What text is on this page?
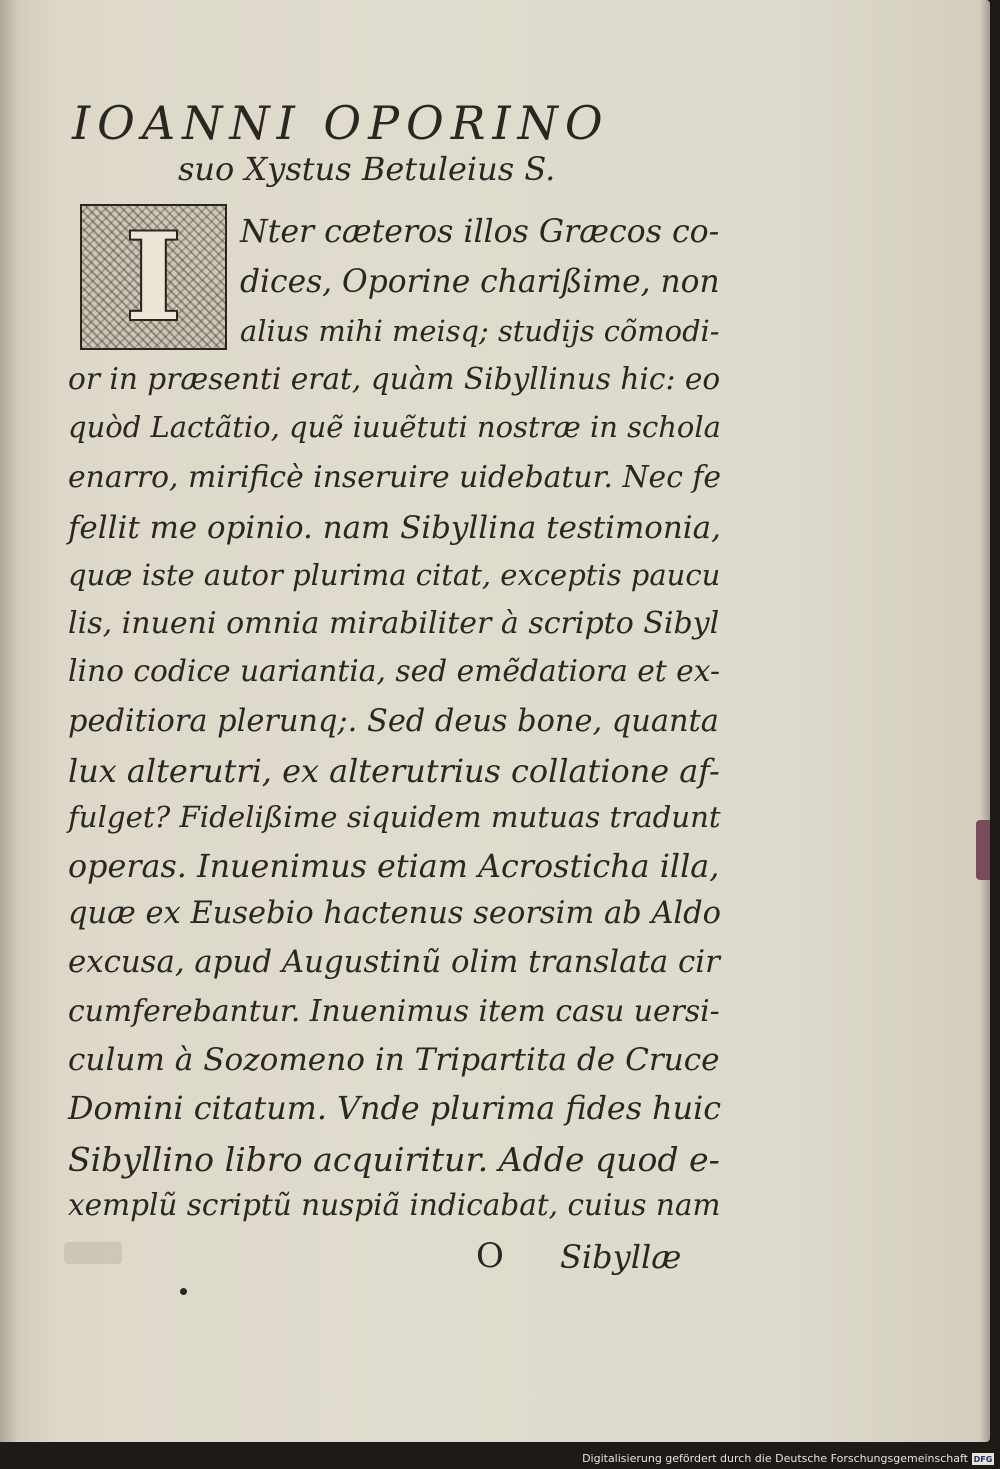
IOANNI OPORINO
suo Xystus Betuleius S.
I	Nter cæteros illos Græcos co-
dices, Oporine charißime, non
alius mihi meisq; studijs cõmodi-
or in præsenti erat, quàm Sibyllinus hic: eo
quòd Lactãtio, quẽ iuuẽtuti nostræ in schola
enarro, mirificè inseruire uidebatur. Nec fe
fellit me opinio. nam Sibyllina testimonia,
quæ iste autor plurima citat, exceptis paucu
lis, inueni omnia mirabiliter à scripto Sibyl
lino codice uariantia, sed emẽdatiora et ex-
peditiora plerunq;. Sed deus bone, quanta
lux alterutri, ex alterutrius collatione af-
fulget? Fidelißime siquidem mutuas tradunt
operas. Inuenimus etiam Acrosticha illa,
quæ ex Eusebio hactenus seorsim ab Aldo
excusa, apud Augustinũ olim translata cir
cumferebantur. Inuenimus item casu uersi-
culum à Sozomeno in Tripartita de Cruce
Domini citatum. Vnde plurima fides huic
Sibyllino libro acquiritur. Adde quod e-
xemplũ scriptũ nuspiã indicabat, cuius nam
O Sibyllæ
Digitalisierung gefördert durch die Deutsche Forschungsgemeinschaft DFG
